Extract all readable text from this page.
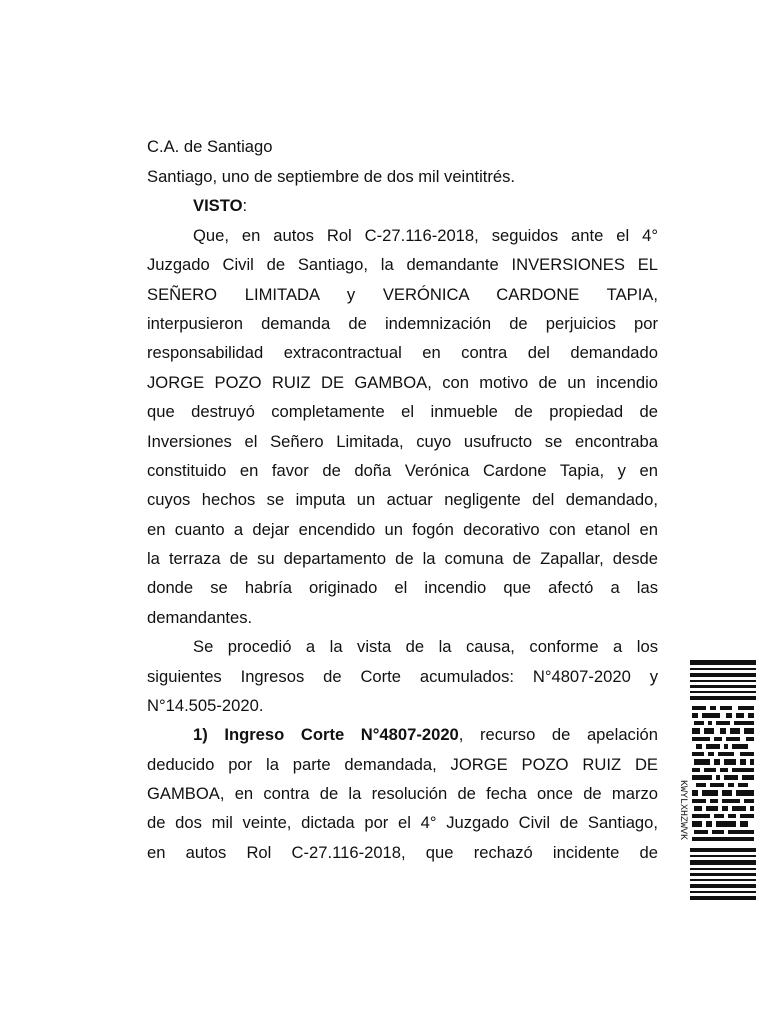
C.A. de Santiago
Santiago, uno de septiembre de dos mil veintitrés.
VISTO:
Que, en autos Rol C-27.116-2018, seguidos ante el 4°
Juzgado Civil de Santiago, la demandante INVERSIONES EL
SEÑERO LIMITADA y VERÓNICA CARDONE TAPIA,
interpusieron demanda de indemnización de perjuicios por
responsabilidad extracontractual en contra del demandado
JORGE POZO RUIZ DE GAMBOA, con motivo de un incendio
que destruyó completamente el inmueble de propiedad de
Inversiones el Señero Limitada, cuyo usufructo se encontraba
constituido en favor de doña Verónica Cardone Tapia, y en
cuyos hechos se imputa un actuar negligente del demandado,
en cuanto a dejar encendido un fogón decorativo con etanol en
la terraza de su departamento de la comuna de Zapallar, desde
donde se habría originado el incendio que afectó a las
demandantes.
Se procedió a la vista de la causa, conforme a los
siguientes Ingresos de Corte acumulados: N°4807-2020 y
N°14.505-2020.
1) Ingreso Corte N°4807-2020, recurso de apelación
deducido por la parte demandada, JORGE POZO RUIZ DE
GAMBOA, en contra de la resolución de fecha once de marzo
de dos mil veinte, dictada por el 4° Juzgado Civil de Santiago,
en autos Rol C-27.116-2018, que rechazó incidente de
KWYLXHZWVK
